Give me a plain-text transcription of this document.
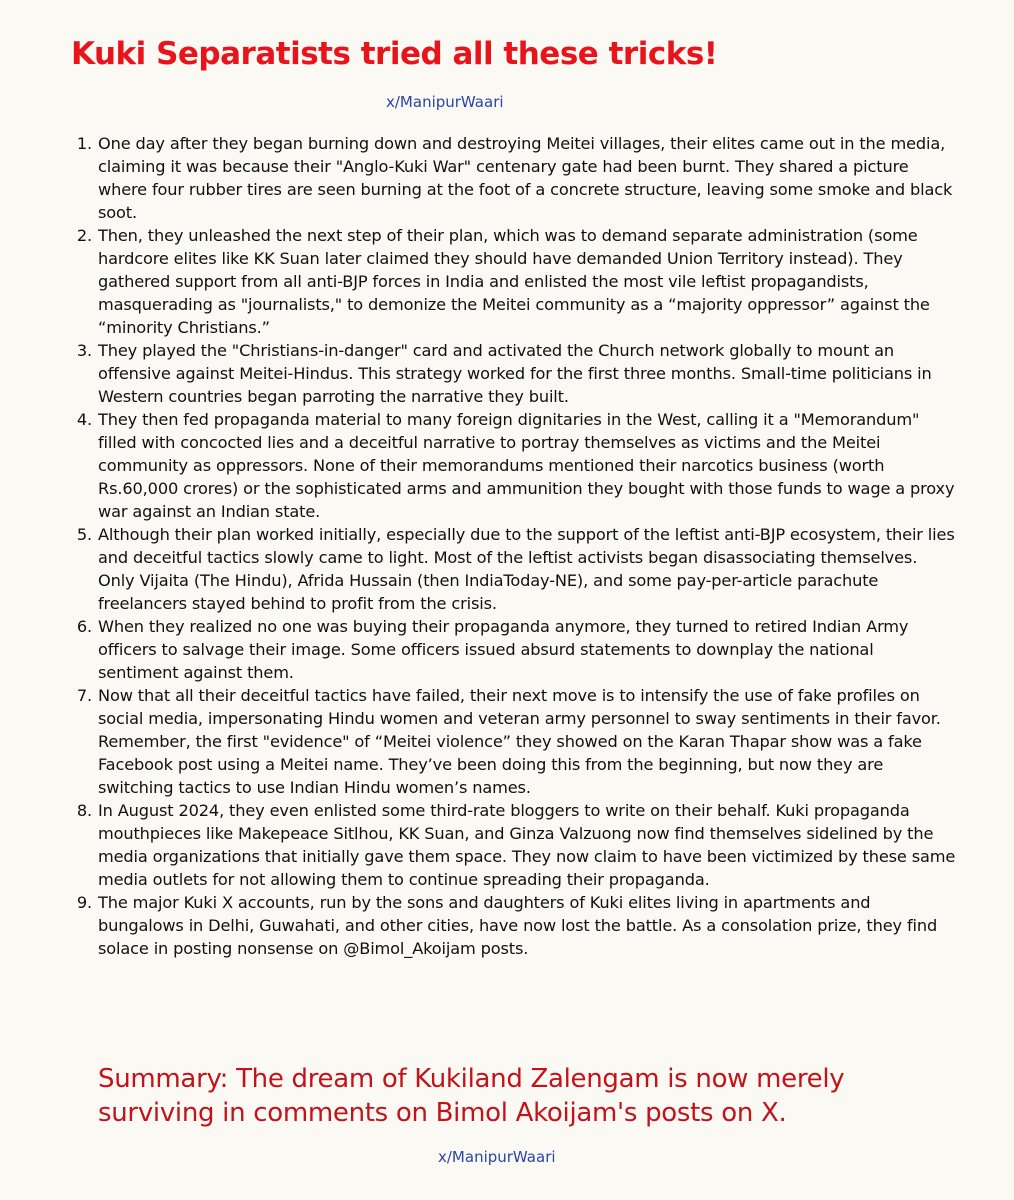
Kuki Separatists tried all these tricks!
x/ManipurWaari
1. One day after they began burning down and destroying Meitei villages, their elites came out in the media, claiming it was because their "Anglo-Kuki War" centenary gate had been burnt. They shared a picture where four rubber tires are seen burning at the foot of a concrete structure, leaving some smoke and black soot.
2. Then, they unleashed the next step of their plan, which was to demand separate administration (some hardcore elites like KK Suan later claimed they should have demanded Union Territory instead). They gathered support from all anti-BJP forces in India and enlisted the most vile leftist propagandists, masquerading as "journalists," to demonize the Meitei community as a “majority oppressor” against the “minority Christians.”
3. They played the "Christians-in-danger" card and activated the Church network globally to mount an offensive against Meitei-Hindus. This strategy worked for the first three months. Small-time politicians in Western countries began parroting the narrative they built.
4. They then fed propaganda material to many foreign dignitaries in the West, calling it a "Memorandum" filled with concocted lies and a deceitful narrative to portray themselves as victims and the Meitei community as oppressors. None of their memorandums mentioned their narcotics business (worth Rs.60,000 crores) or the sophisticated arms and ammunition they bought with those funds to wage a proxy war against an Indian state.
5. Although their plan worked initially, especially due to the support of the leftist anti-BJP ecosystem, their lies and deceitful tactics slowly came to light. Most of the leftist activists began disassociating themselves. Only Vijaita (The Hindu), Afrida Hussain (then IndiaToday-NE), and some pay-per-article parachute freelancers stayed behind to profit from the crisis.
6. When they realized no one was buying their propaganda anymore, they turned to retired Indian Army officers to salvage their image. Some officers issued absurd statements to downplay the national sentiment against them.
7. Now that all their deceitful tactics have failed, their next move is to intensify the use of fake profiles on social media, impersonating Hindu women and veteran army personnel to sway sentiments in their favor. Remember, the first "evidence" of “Meitei violence” they showed on the Karan Thapar show was a fake Facebook post using a Meitei name. They’ve been doing this from the beginning, but now they are switching tactics to use Indian Hindu women’s names.
8. In August 2024, they even enlisted some third-rate bloggers to write on their behalf. Kuki propaganda mouthpieces like Makepeace Sitlhou, KK Suan, and Ginza Valzuong now find themselves sidelined by the media organizations that initially gave them space. They now claim to have been victimized by these same media outlets for not allowing them to continue spreading their propaganda.
9. The major Kuki X accounts, run by the sons and daughters of Kuki elites living in apartments and bungalows in Delhi, Guwahati, and other cities, have now lost the battle. As a consolation prize, they find solace in posting nonsense on @Bimol_Akoijam posts.

Summary: The dream of Kukiland Zalengam is now merely surviving in comments on Bimol Akoijam's posts on X.

x/ManipurWaari
